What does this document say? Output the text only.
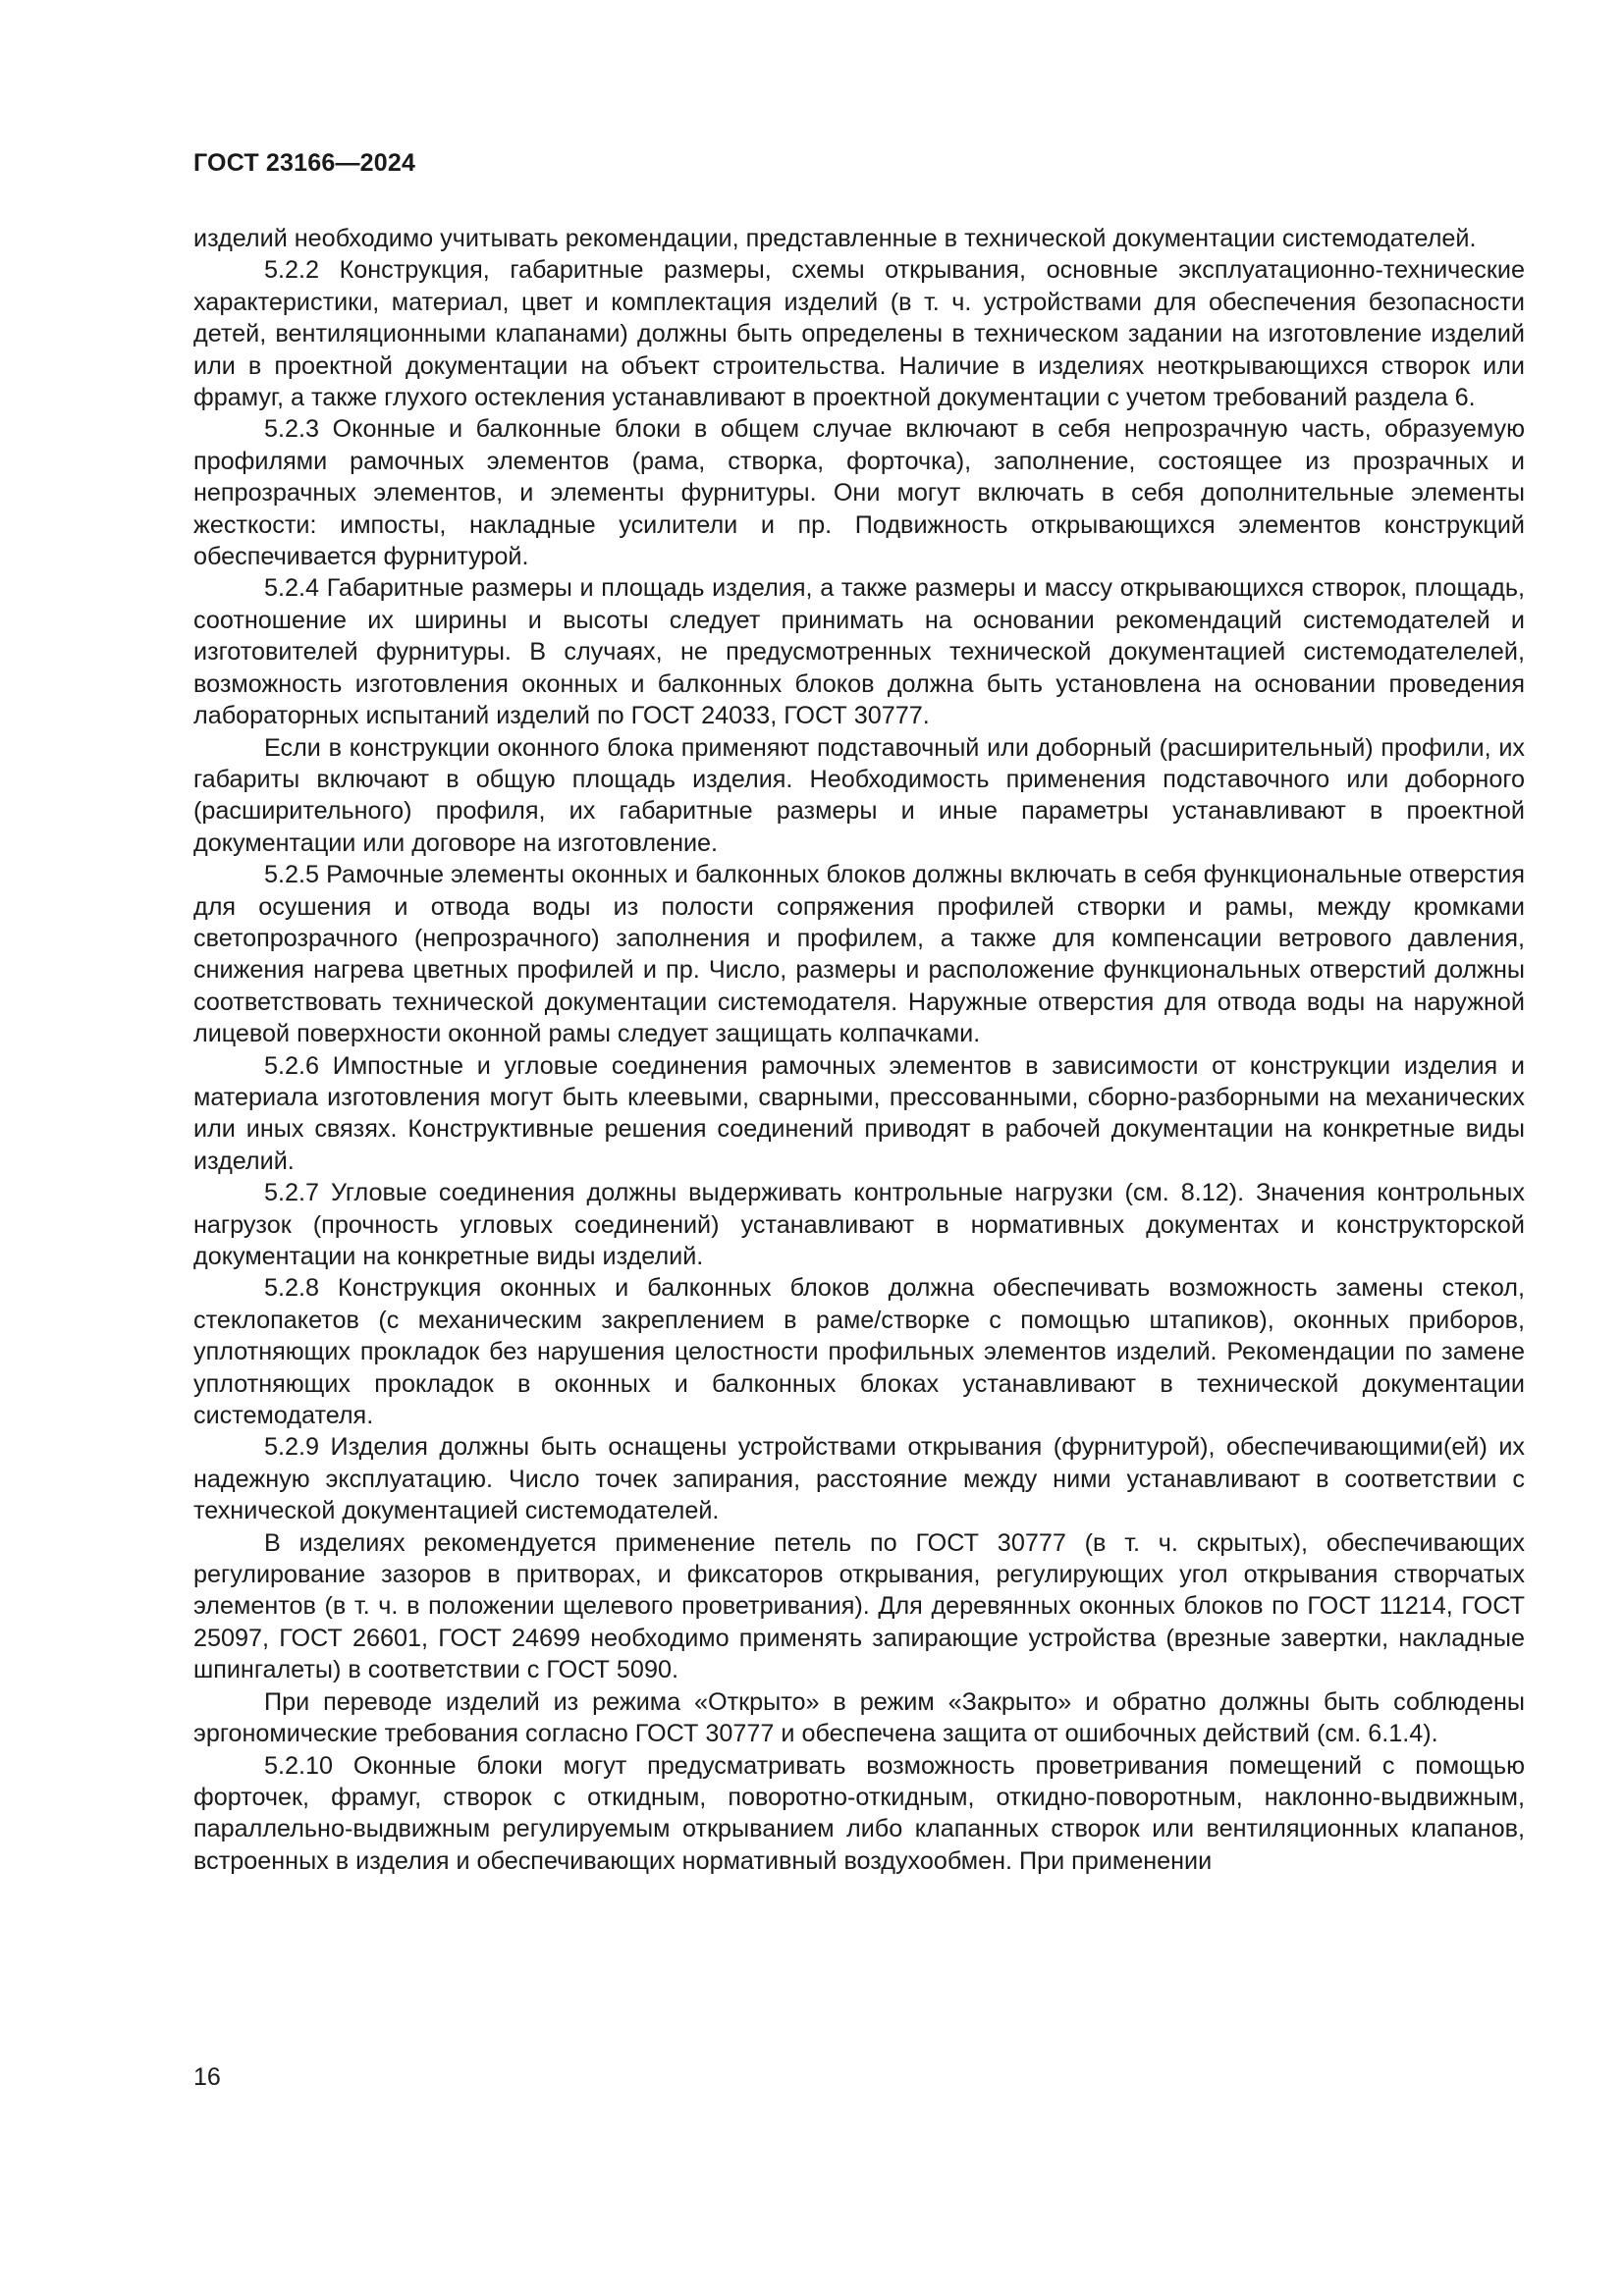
ГОСТ 23166—2024

изделий необходимо учитывать рекомендации, представленные в технической документации системодателей.

5.2.2 Конструкция, габаритные размеры, схемы открывания, основные эксплуатационно-технические характеристики, материал, цвет и комплектация изделий (в т. ч. устройствами для обеспечения безопасности детей, вентиляционными клапанами) должны быть определены в техническом задании на изготовление изделий или в проектной документации на объект строительства. Наличие в изделиях неоткрывающихся створок или фрамуг, а также глухого остекления устанавливают в проектной документации с учетом требований раздела 6.

5.2.3 Оконные и балконные блоки в общем случае включают в себя непрозрачную часть, образуемую профилями рамочных элементов (рама, створка, форточка), заполнение, состоящее из прозрачных и непрозрачных элементов, и элементы фурнитуры. Они могут включать в себя дополнительные элементы жесткости: импосты, накладные усилители и пр. Подвижность открывающихся элементов конструкций обеспечивается фурнитурой.

5.2.4 Габаритные размеры и площадь изделия, а также размеры и массу открывающихся створок, площадь, соотношение их ширины и высоты следует принимать на основании рекомендаций системодателей и изготовителей фурнитуры. В случаях, не предусмотренных технической документацией системодателелей, возможность изготовления оконных и балконных блоков должна быть установлена на основании проведения лабораторных испытаний изделий по ГОСТ 24033, ГОСТ 30777.

Если в конструкции оконного блока применяют подставочный или доборный (расширительный) профили, их габариты включают в общую площадь изделия. Необходимость применения подставочного или доборного (расширительного) профиля, их габаритные размеры и иные параметры устанавливают в проектной документации или договоре на изготовление.

5.2.5 Рамочные элементы оконных и балконных блоков должны включать в себя функциональные отверстия для осушения и отвода воды из полости сопряжения профилей створки и рамы, между кромками светопрозрачного (непрозрачного) заполнения и профилем, а также для компенсации ветрового давления, снижения нагрева цветных профилей и пр. Число, размеры и расположение функциональных отверстий должны соответствовать технической документации системодателя. Наружные отверстия для отвода воды на наружной лицевой поверхности оконной рамы следует защищать колпачками.

5.2.6 Импостные и угловые соединения рамочных элементов в зависимости от конструкции изделия и материала изготовления могут быть клеевыми, сварными, прессованными, сборно-разборными на механических или иных связях. Конструктивные решения соединений приводят в рабочей документации на конкретные виды изделий.

5.2.7 Угловые соединения должны выдерживать контрольные нагрузки (см. 8.12). Значения контрольных нагрузок (прочность угловых соединений) устанавливают в нормативных документах и конструкторской документации на конкретные виды изделий.

5.2.8 Конструкция оконных и балконных блоков должна обеспечивать возможность замены стекол, стеклопакетов (с механическим закреплением в раме/створке с помощью штапиков), оконных приборов, уплотняющих прокладок без нарушения целостности профильных элементов изделий. Рекомендации по замене уплотняющих прокладок в оконных и балконных блоках устанавливают в технической документации системодателя.

5.2.9 Изделия должны быть оснащены устройствами открывания (фурнитурой), обеспечивающими(ей) их надежную эксплуатацию. Число точек запирания, расстояние между ними устанавливают в соответствии с технической документацией системодателей.

В изделиях рекомендуется применение петель по ГОСТ 30777 (в т. ч. скрытых), обеспечивающих регулирование зазоров в притворах, и фиксаторов открывания, регулирующих угол открывания створчатых элементов (в т. ч. в положении щелевого проветривания). Для деревянных оконных блоков по ГОСТ 11214, ГОСТ 25097, ГОСТ 26601, ГОСТ 24699 необходимо применять запирающие устройства (врезные завертки, накладные шпингалеты) в соответствии с ГОСТ 5090.

При переводе изделий из режима «Открыто» в режим «Закрыто» и обратно должны быть соблюдены эргономические требования согласно ГОСТ 30777 и обеспечена защита от ошибочных действий (см. 6.1.4).

5.2.10 Оконные блоки могут предусматривать возможность проветривания помещений с помощью форточек, фрамуг, створок с откидным, поворотно-откидным, откидно-поворотным, наклонно-выдвижным, параллельно-выдвижным регулируемым открыванием либо клапанных створок или вентиляционных клапанов, встроенных в изделия и обеспечивающих нормативный воздухообмен. При применении

16
